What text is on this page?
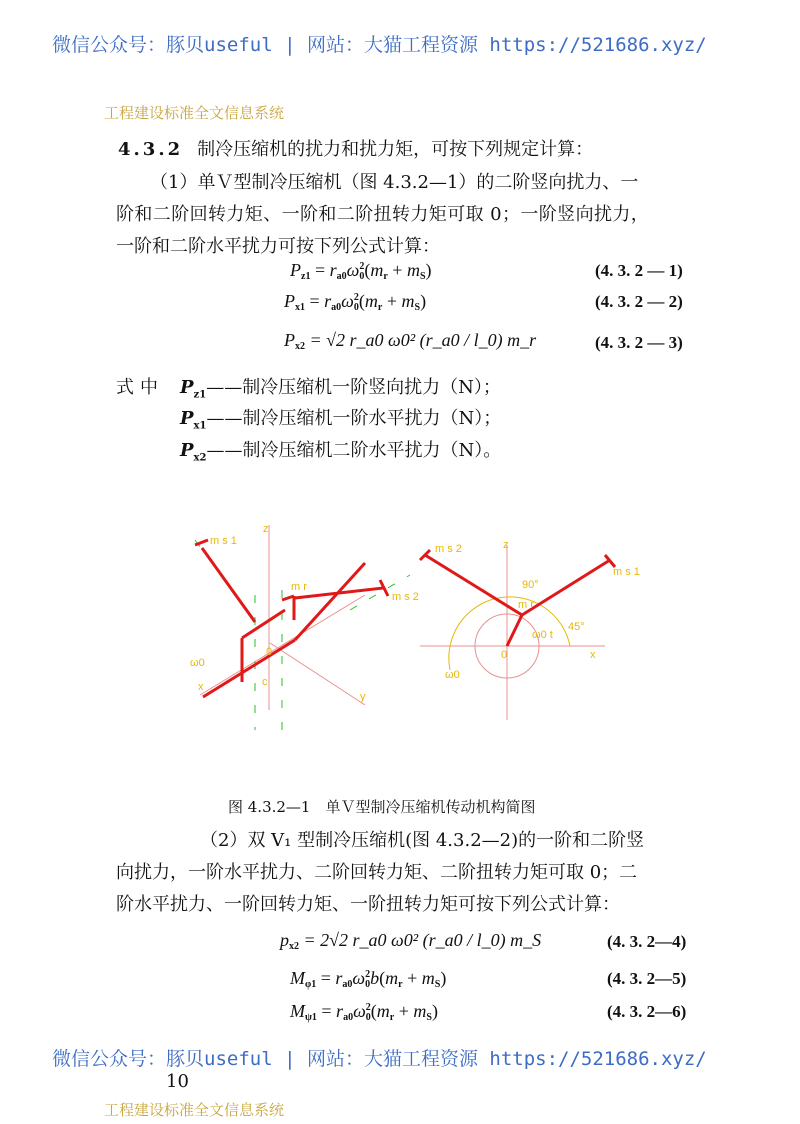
微信公众号：豚贝useful | 网站：大猫工程资源 https://521686.xyz/
工程建设标准全文信息系统
4.3.2 制冷压缩机的扰力和扰力矩，可按下列规定计算：
（1）单Ｖ型制冷压缩机（图 4.3.2—1）的二阶竖向扰力、一
阶和二阶回转力矩、一阶和二阶扭转力矩可取 0；一阶竖向扰力，
一阶和二阶水平扰力可按下列公式计算：
$P_{z1} = r_{a0}\omega_0^2(m_r + m_S)$	(4. 3. 2 — 1)
$P_{x1} = r_{a0}\omega_0^2(m_r + m_S)$	(4. 3. 2 — 2)
$P_{x2} = √2$ r_a0 ω0² (r_a0 / l_0) m_r	(4. 3. 2 — 3)
式中 $P_{z1}——$制冷压缩机一阶竖向扰力（N）；
$P_{x1}——$制冷压缩机一阶水平扰力（N）；
$P_{x2}——$制冷压缩机二阶水平扰力（N）。
z
m s 1
m s 2
m r
0
x
y
c
ω0
z
m s 2
m s 1
m r
0	x
90°
45°
ω0 t
ω0
图 4.3.2—1　单Ｖ型制冷压缩机传动机构简图
（2）双 V₁ 型制冷压缩机(图 4.3.2—2)的一阶和二阶竖
向扰力，一阶水平扰力、二阶回转力矩、二阶扭转力矩可取 0；二
阶水平扰力、一阶回转力矩、一阶扭转力矩可按下列公式计算：
$p_{x2} = 2√2$ r_a0 ω0² (r_a0 / l_0) m_S	(4. 3. 2—4)
$M_{\varphi 1} = r_{a0}\omega_0^2b(m_r + m_S)$	(4. 3. 2—5)
$M_{\psi 1} = r_{a0}\omega_0^2(m_r + m_S)$	(4. 3. 2—6)
微信公众号：豚贝useful | 网站：大猫工程资源 https://521686.xyz/
10
工程建设标准全文信息系统
